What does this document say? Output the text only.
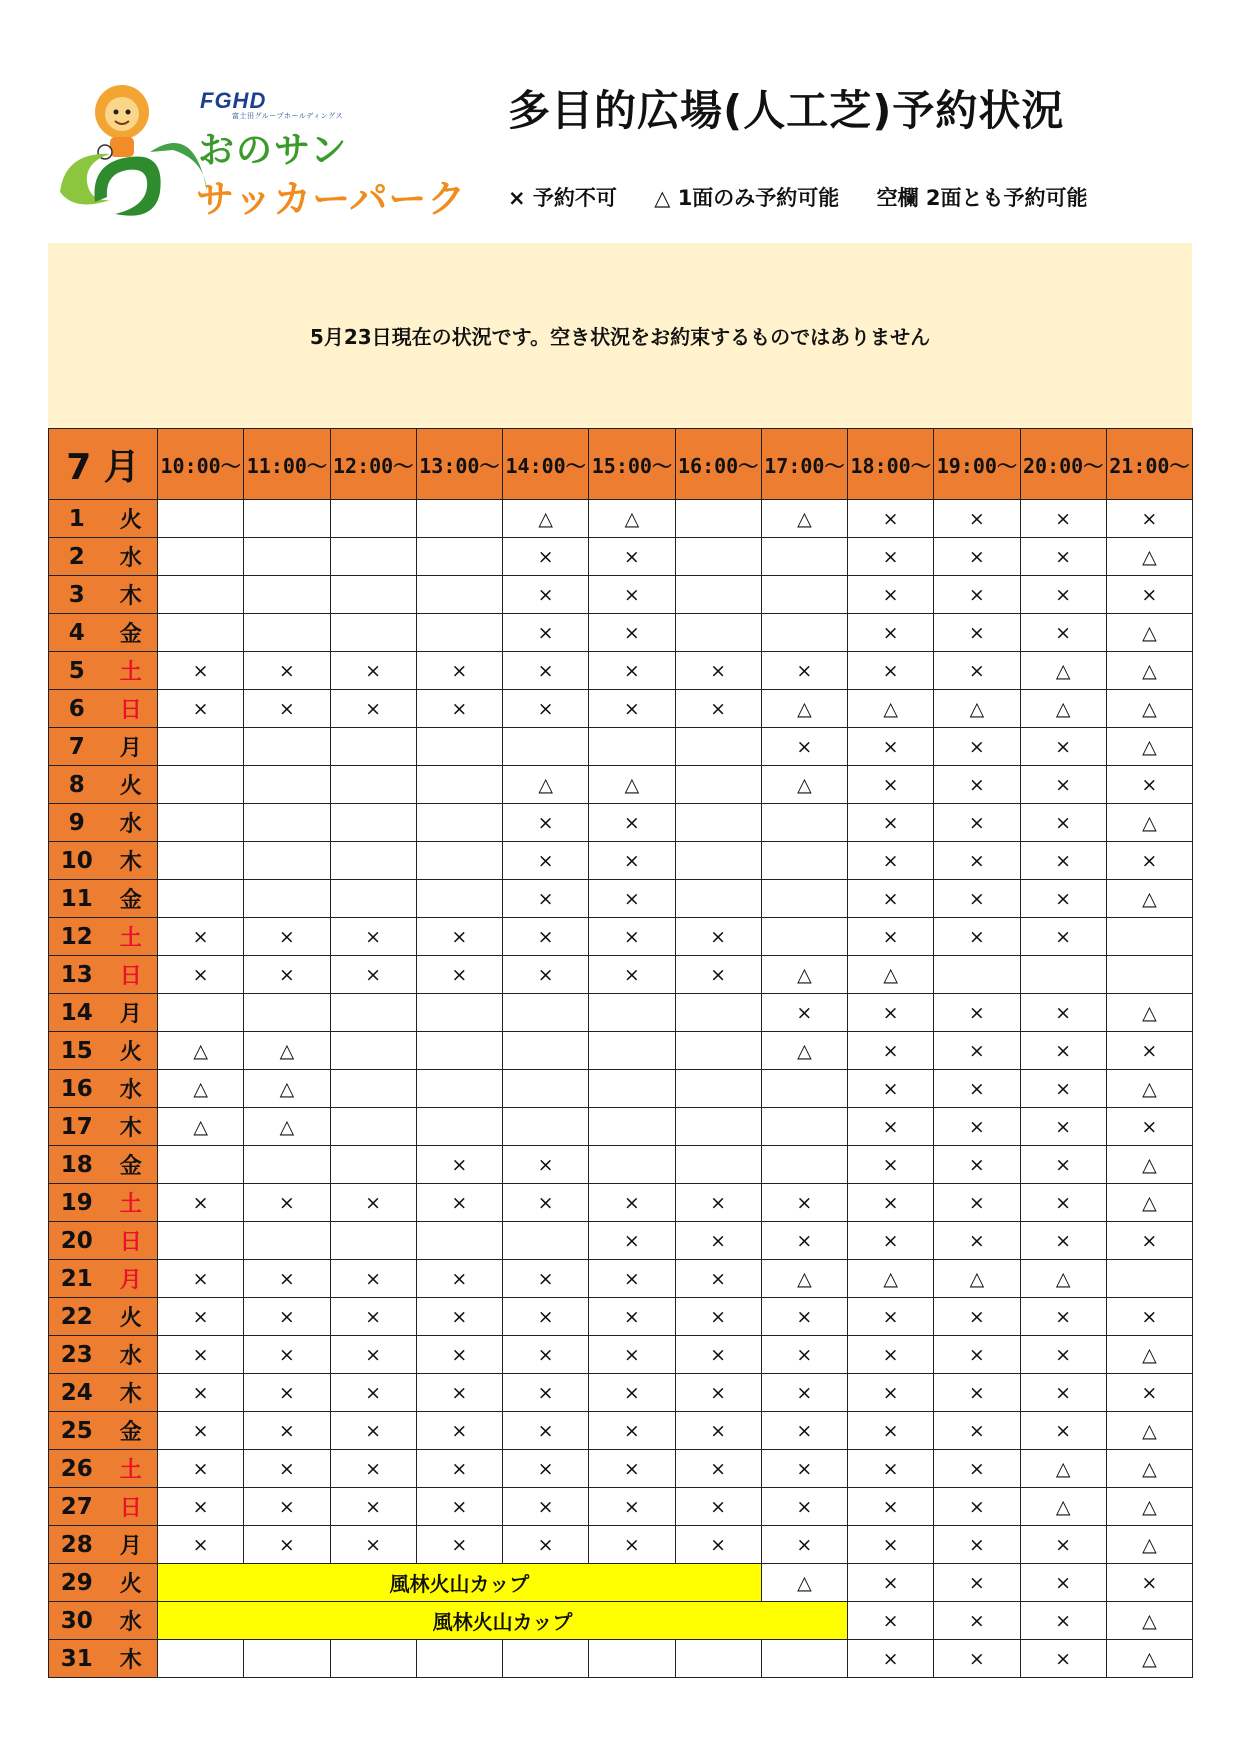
FGHD
富士田グループホールディングス
おのサン
サッカーパーク
多目的広場(人工芝)予約状況
× 予約不可 △ 1面のみ予約可能 空欄 2面とも予約可能
5月23日現在の状況です。空き状況をお約束するものではありません
7 月		10:00～	11:00～	12:00～	13:00～	14:00～	15:00～	16:00～	17:00～	18:00～	19:00～	20:00～	21:00～
1	火					△	△		△	×	×	×	×
2	水					×	×			×	×	×	△
3	木					×	×			×	×	×	×
4	金					×	×			×	×	×	△
5	土	×	×	×	×	×	×	×	×	×	×	△	△
6	日	×	×	×	×	×	×	×	△	△	△	△	△
7	月								×	×	×	×	△
8	火					△	△		△	×	×	×	×
9	水					×	×			×	×	×	△
10	木					×	×			×	×	×	×
11	金					×	×			×	×	×	△
12	土	×	×	×	×	×	×	×		×	×	×	
13	日	×	×	×	×	×	×	×	△	△			
14	月								×	×	×	×	△
15	火	△	△						△	×	×	×	×
16	水	△	△							×	×	×	△
17	木	△	△							×	×	×	×
18	金				×	×				×	×	×	△
19	土	×	×	×	×	×	×	×	×	×	×	×	△
20	日						×	×	×	×	×	×	×
21	月	×	×	×	×	×	×	×	△	△	△	△	
22	火	×	×	×	×	×	×	×	×	×	×	×	×
23	水	×	×	×	×	×	×	×	×	×	×	×	△
24	木	×	×	×	×	×	×	×	×	×	×	×	×
25	金	×	×	×	×	×	×	×	×	×	×	×	△
26	土	×	×	×	×	×	×	×	×	×	×	△	△
27	日	×	×	×	×	×	×	×	×	×	×	△	△
28	月	×	×	×	×	×	×	×	×	×	×	×	△
29	火	風林火山カップ							△	×	×	×	×
30	水	風林火山カップ								×	×	×	△
31	木									×	×	×	△
